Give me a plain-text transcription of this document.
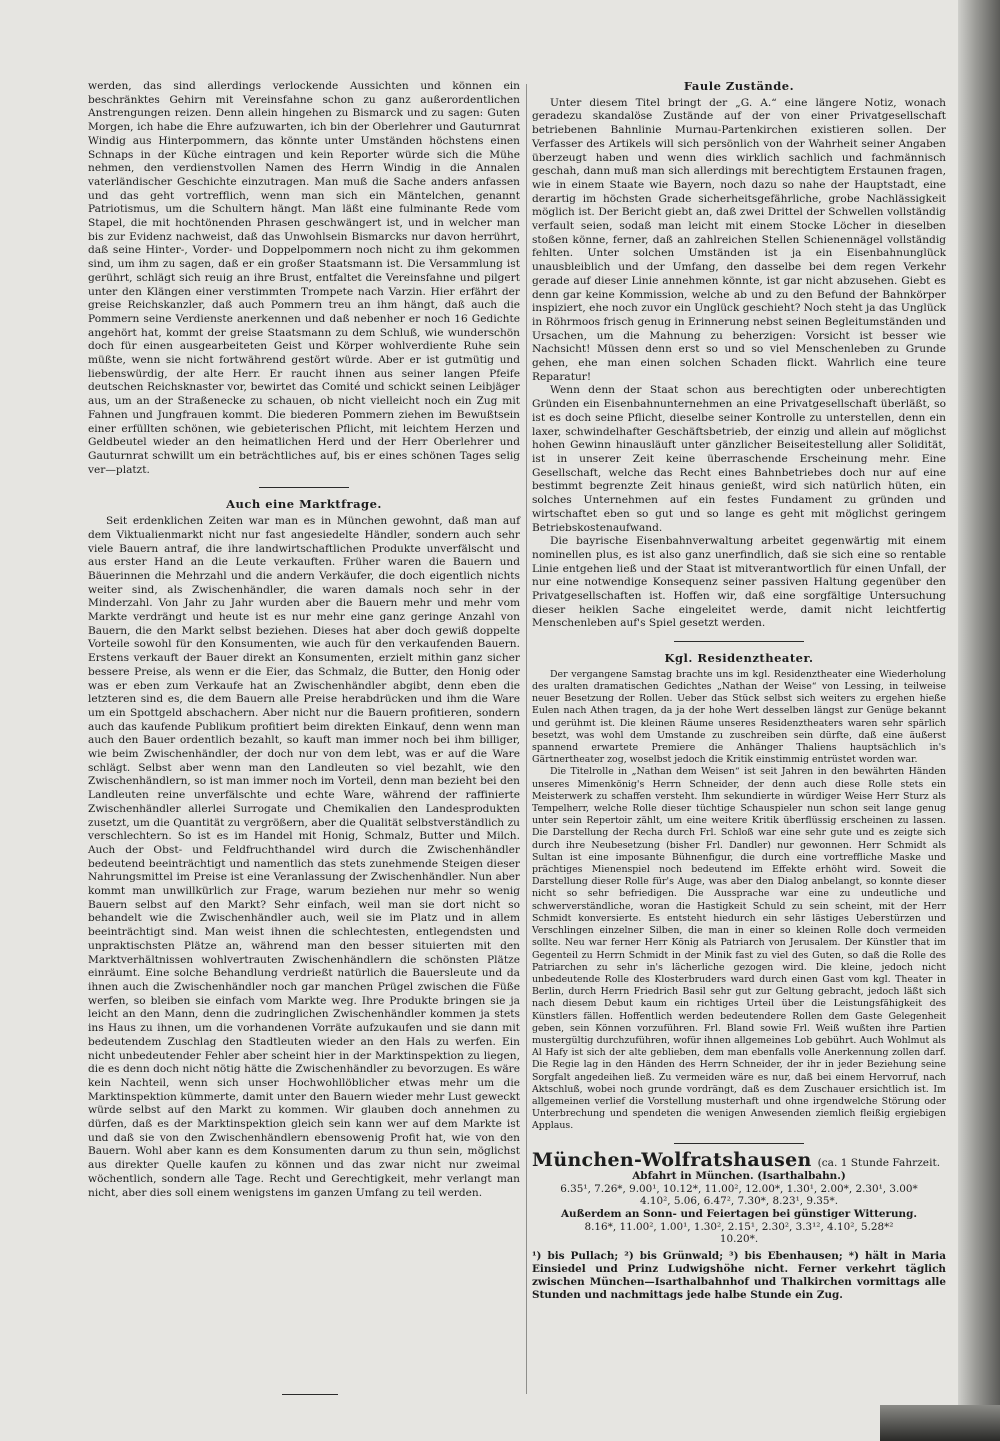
werden, das sind allerdings verlockende Aussichten und können ein beschränktes Gehirn mit Vereinsfahne schon zu ganz außerordentlichen Anstrengungen reizen. Denn allein hingehen zu Bismarck und zu sagen: Guten Morgen, ich habe die Ehre aufzuwarten, ich bin der Oberlehrer und Gauturnrat Windig aus Hinterpommern, das könnte unter Umständen höchstens einen Schnaps in der Küche eintragen und kein Reporter würde sich die Mühe nehmen, den verdienstvollen Namen des Herrn Windig in die Annalen vaterländischer Geschichte einzutragen. Man muß die Sache anders anfassen und das geht vortrefflich, wenn man sich ein Mäntelchen, genannt Patriotismus, um die Schultern hängt. Man läßt eine fulminante Rede vom Stapel, die mit hochtönenden Phrasen geschwängert ist, und in welcher man bis zur Evidenz nachweist, daß das Unwohlsein Bismarcks nur davon herrührt, daß seine Hinter-, Vorder- und Doppelpommern noch nicht zu ihm gekommen sind, um ihm zu sagen, daß er ein großer Staatsmann ist. Die Versammlung ist gerührt, schlägt sich reuig an ihre Brust, entfaltet die Vereinsfahne und pilgert unter den Klängen einer verstimmten Trompete nach Varzin. Hier erfährt der greise Reichskanzler, daß auch Pommern treu an ihm hängt, daß auch die Pommern seine Verdienste anerkennen und daß nebenher er noch 16 Gedichte angehört hat, kommt der greise Staatsmann zu dem Schluß, wie wunderschön doch für einen ausgearbeiteten Geist und Körper wohlverdiente Ruhe sein müßte, wenn sie nicht fortwährend gestört würde. Aber er ist gutmütig und liebenswürdig, der alte Herr. Er raucht ihnen aus seiner langen Pfeife deutschen Reichsknaster vor, bewirtet das Comité und schickt seinen Leibjäger aus, um an der Straßenecke zu schauen, ob nicht vielleicht noch ein Zug mit Fahnen und Jungfrauen kommt. Die biederen Pommern ziehen im Bewußtsein einer erfüllten schönen, wie gebieterischen Pflicht, mit leichtem Herzen und Geldbeutel wieder an den heimatlichen Herd und der Herr Oberlehrer und Gauturnrat schwillt um ein beträchtliches auf, bis er eines schönen Tages selig ver—platzt.

Auch eine Marktfrage.

Seit erdenklichen Zeiten war man es in München gewohnt, daß man auf dem Viktualienmarkt nicht nur fast angesiedelte Händler, sondern auch sehr viele Bauern antraf, die ihre landwirtschaftlichen Produkte unverfälscht und aus erster Hand an die Leute verkauften. Früher waren die Bauern und Bäuerinnen die Mehrzahl und die andern Verkäufer, die doch eigentlich nichts weiter sind, als Zwischenhändler, die waren damals noch sehr in der Minderzahl. Von Jahr zu Jahr wurden aber die Bauern mehr und mehr vom Markte verdrängt und heute ist es nur mehr eine ganz geringe Anzahl von Bauern, die den Markt selbst beziehen. Dieses hat aber doch gewiß doppelte Vorteile sowohl für den Konsumenten, wie auch für den verkaufenden Bauern. Erstens verkauft der Bauer direkt an Konsumenten, erzielt mithin ganz sicher bessere Preise, als wenn er die Eier, das Schmalz, die Butter, den Honig oder was er eben zum Verkaufe hat an Zwischenhändler abgibt, denn eben die letzteren sind es, die dem Bauern alle Preise herabdrücken und ihm die Ware um ein Spottgeld abschachern. Aber nicht nur die Bauern profitieren, sondern auch das kaufende Publikum profitiert beim direkten Einkauf, denn wenn man auch den Bauer ordentlich bezahlt, so kauft man immer noch bei ihm billiger, wie beim Zwischenhändler, der doch nur von dem lebt, was er auf die Ware schlägt. Selbst aber wenn man den Landleuten so viel bezahlt, wie den Zwischenhändlern, so ist man immer noch im Vorteil, denn man bezieht bei den Landleuten reine unverfälschte und echte Ware, während der raffinierte Zwischenhändler allerlei Surrogate und Chemikalien den Landesprodukten zusetzt, um die Quantität zu vergrößern, aber die Qualität selbstverständlich zu verschlechtern. So ist es im Handel mit Honig, Schmalz, Butter und Milch. Auch der Obst- und Feldfruchthandel wird durch die Zwischenhändler bedeutend beeinträchtigt und namentlich das stets zunehmende Steigen dieser Nahrungsmittel im Preise ist eine Veranlassung der Zwischenhändler. Nun aber kommt man unwillkürlich zur Frage, warum beziehen nur mehr so wenig Bauern selbst auf den Markt? Sehr einfach, weil man sie dort nicht so behandelt wie die Zwischenhändler auch, weil sie im Platz und in allem beeinträchtigt sind. Man weist ihnen die schlechtesten, entlegendsten und unpraktischsten Plätze an, während man den besser situierten mit den Marktverhältnissen wohlvertrauten Zwischenhändlern die schönsten Plätze einräumt. Eine solche Behandlung verdrießt natürlich die Bauersleute und da ihnen auch die Zwischenhändler noch gar manchen Prügel zwischen die Füße werfen, so bleiben sie einfach vom Markte weg. Ihre Produkte bringen sie ja leicht an den Mann, denn die zudringlichen Zwischenhändler kommen ja stets ins Haus zu ihnen, um die vorhandenen Vorräte aufzukaufen und sie dann mit bedeutendem Zuschlag den Stadtleuten wieder an den Hals zu werfen. Ein nicht unbedeutender Fehler aber scheint hier in der Marktinspektion zu liegen, die es denn doch nicht nötig hätte die Zwischenhändler zu bevorzugen. Es wäre kein Nachteil, wenn sich unser Hochwohllöblicher etwas mehr um die Marktinspektion kümmerte, damit unter den Bauern wieder mehr Lust geweckt würde selbst auf den Markt zu kommen. Wir glauben doch annehmen zu dürfen, daß es der Marktinspektion gleich sein kann wer auf dem Markte ist und daß sie von den Zwischenhändlern ebensowenig Profit hat, wie von den Bauern. Wohl aber kann es dem Konsumenten darum zu thun sein, möglichst aus direkter Quelle kaufen zu können und das zwar nicht nur zweimal wöchentlich, sondern alle Tage. Recht und Gerechtigkeit, mehr verlangt man nicht, aber dies soll einem wenigstens im ganzen Umfang zu teil werden.

Faule Zustände.

Unter diesem Titel bringt der „G. A.“ eine längere Notiz, wonach geradezu skandalöse Zustände auf der von einer Privatgesellschaft betriebenen Bahnlinie Murnau-Partenkirchen existieren sollen. Der Verfasser des Artikels will sich persönlich von der Wahrheit seiner Angaben überzeugt haben und wenn dies wirklich sachlich und fachmännisch geschah, dann muß man sich allerdings mit berechtigtem Erstaunen fragen, wie in einem Staate wie Bayern, noch dazu so nahe der Hauptstadt, eine derartig im höchsten Grade sicherheitsgefährliche, grobe Nachlässigkeit möglich ist. Der Bericht giebt an, daß zwei Drittel der Schwellen vollständig verfault seien, sodaß man leicht mit einem Stocke Löcher in dieselben stoßen könne, ferner, daß an zahlreichen Stellen Schienennägel vollständig fehlten. Unter solchen Umständen ist ja ein Eisenbahnunglück unausbleiblich und der Umfang, den dasselbe bei dem regen Verkehr gerade auf dieser Linie annehmen könnte, ist gar nicht abzusehen. Giebt es denn gar keine Kommission, welche ab und zu den Befund der Bahnkörper inspiziert, ehe noch zuvor ein Unglück geschieht? Noch steht ja das Unglück in Röhrmoos frisch genug in Erinnerung nebst seinen Begleitumständen und Ursachen, um die Mahnung zu beherzigen: Vorsicht ist besser wie Nachsicht! Müssen denn erst so und so viel Menschenleben zu Grunde gehen, ehe man einen solchen Schaden flickt. Wahrlich eine teure Reparatur!

Wenn denn der Staat schon aus berechtigten oder unberechtigten Gründen ein Eisenbahnunternehmen an eine Privatgesellschaft überläßt, so ist es doch seine Pflicht, dieselbe seiner Kontrolle zu unterstellen, denn ein laxer, schwindelhafter Geschäftsbetrieb, der einzig und allein auf möglichst hohen Gewinn hinausläuft unter gänzlicher Beiseitestellung aller Solidität, ist in unserer Zeit keine überraschende Erscheinung mehr. Eine Gesellschaft, welche das Recht eines Bahnbetriebes doch nur auf eine bestimmt begrenzte Zeit hinaus genießt, wird sich natürlich hüten, ein solches Unternehmen auf ein festes Fundament zu gründen und wirtschaftet eben so gut und so lange es geht mit möglichst geringem Betriebskostenaufwand.

Die bayrische Eisenbahnverwaltung arbeitet gegenwärtig mit einem nominellen plus, es ist also ganz unerfindlich, daß sie sich eine so rentable Linie entgehen ließ und der Staat ist mitverantwortlich für einen Unfall, der nur eine notwendige Konsequenz seiner passiven Haltung gegenüber den Privatgesellschaften ist. Hoffen wir, daß eine sorgfältige Untersuchung dieser heiklen Sache eingeleitet werde, damit nicht leichtfertig Menschenleben auf's Spiel gesetzt werden.

Kgl. Residenztheater.

Der vergangene Samstag brachte uns im kgl. Residenztheater eine Wiederholung des uralten dramatischen Gedichtes „Nathan der Weise“ von Lessing, in teilweise neuer Besetzung der Rollen. Ueber das Stück selbst sich weiters zu ergehen hieße Eulen nach Athen tragen, da ja der hohe Wert desselben längst zur Genüge bekannt und gerühmt ist. Die kleinen Räume unseres Residenztheaters waren sehr spärlich besetzt, was wohl dem Umstande zu zuschreiben sein dürfte, daß eine äußerst spannend erwartete Premiere die Anhänger Thaliens hauptsächlich in's Gärtnertheater zog, woselbst jedoch die Kritik einstimmig entrüstet worden war.

Die Titelrolle in „Nathan dem Weisen“ ist seit Jahren in den bewährten Händen unseres Mimenkönig's Herrn Schneider, der denn auch diese Rolle stets ein Meisterwerk zu schaffen versteht. Ihm sekundierte in würdiger Weise Herr Sturz als Tempelherr, welche Rolle dieser tüchtige Schauspieler nun schon seit lange genug unter sein Repertoir zählt, um eine weitere Kritik überflüssig erscheinen zu lassen. Die Darstellung der Recha durch Frl. Schloß war eine sehr gute und es zeigte sich durch ihre Neubesetzung (bisher Frl. Dandler) nur gewonnen. Herr Schmidt als Sultan ist eine imposante Bühnenfigur, die durch eine vortreffliche Maske und prächtiges Mienenspiel noch bedeutend im Effekte erhöht wird. Soweit die Darstellung dieser Rolle für's Auge, was aber den Dialog anbelangt, so konnte dieser nicht so sehr befriedigen. Die Aussprache war eine zu undeutliche und schwerverständliche, woran die Hastigkeit Schuld zu sein scheint, mit der Herr Schmidt konversierte. Es entsteht hiedurch ein sehr lästiges Ueberstürzen und Verschlingen einzelner Silben, die man in einer so kleinen Rolle doch vermeiden sollte. Neu war ferner Herr König als Patriarch von Jerusalem. Der Künstler that im Gegenteil zu Herrn Schmidt in der Minik fast zu viel des Guten, so daß die Rolle des Patriarchen zu sehr in's lächerliche gezogen wird. Die kleine, jedoch nicht unbedeutende Rolle des Klosterbruders ward durch einen Gast vom kgl. Theater in Berlin, durch Herrn Friedrich Basil sehr gut zur Geltung gebracht, jedoch läßt sich nach diesem Debut kaum ein richtiges Urteil über die Leistungsfähigkeit des Künstlers fällen. Hoffentlich werden bedeutendere Rollen dem Gaste Gelegenheit geben, sein Können vorzuführen. Frl. Bland sowie Frl. Weiß wußten ihre Partien mustergültig durchzuführen, wofür ihnen allgemeines Lob gebührt. Auch Wohlmut als Al Hafy ist sich der alte geblieben, dem man ebenfalls volle Anerkennung zollen darf. Die Regie lag in den Händen des Herrn Schneider, der ihr in jeder Beziehung seine Sorgfalt angedeihen ließ. Zu vermeiden wäre es nur, daß bei einem Hervorruf, nach Aktschluß, wobei noch grunde vordrängt, daß es dem Zuschauer ersichtlich ist. Im allgemeinen verlief die Vorstellung musterhaft und ohne irgendwelche Störung oder Unterbrechung und spendeten die wenigen Anwesenden ziemlich fleißig ergiebigen Applaus.

München-Wolfratshausen (ca. 1 Stunde Fahrzeit.
Abfahrt in München. (Isarthalbahn.)
6.35¹, 7.26*, 9.00¹, 10.12*, 11.00², 12.00*, 1.30¹, 2.00*, 2.30¹, 3.00*
4.10², 5.06, 6.47², 7.30*, 8.23¹, 9.35*.
Außerdem an Sonn- und Feiertagen bei günstiger Witterung.
8.16*, 11.00², 1.00¹, 1.30², 2.15¹, 2.30², 3.3¹², 4.10², 5.28*²
10.20*.
¹) bis Pullach; ²) bis Grünwald; ³) bis Ebenhausen; *) hält in Maria Einsiedel und Prinz Ludwigshöhe nicht. Ferner verkehrt täglich zwischen München—Isarthalbahnhof und Thalkirchen vormittags alle Stunden und nachmittags jede halbe Stunde ein Zug.
